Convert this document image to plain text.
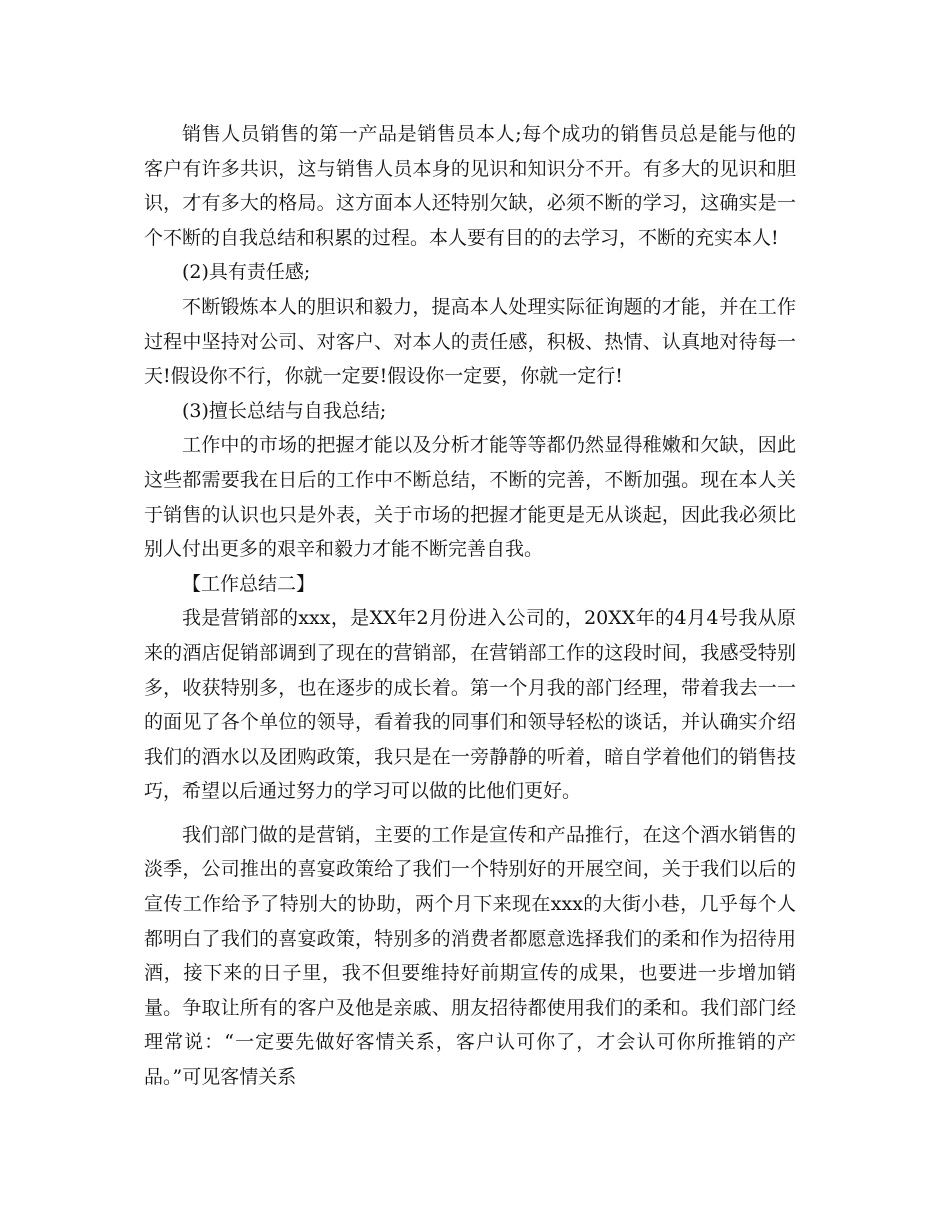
销售人员销售的第一产品是销售员本人;每个成功的销售员总是能与他的客户有许多共识，这与销售人员本身的见识和知识分不开。有多大的见识和胆识，才有多大的格局。这方面本人还特别欠缺，必须不断的学习，这确实是一个不断的自我总结和积累的过程。本人要有目的的去学习，不断的充实本人!

(2)具有责任感;

不断锻炼本人的胆识和毅力，提高本人处理实际征询题的才能，并在工作过程中坚持对公司、对客户、对本人的责任感，积极、热情、认真地对待每一天!假设你不行，你就一定要!假设你一定要，你就一定行!

(3)擅长总结与自我总结;

工作中的市场的把握才能以及分析才能等等都仍然显得稚嫩和欠缺，因此这些都需要我在日后的工作中不断总结，不断的完善，不断加强。现在本人关于销售的认识也只是外表，关于市场的把握才能更是无从谈起，因此我必须比别人付出更多的艰辛和毅力才能不断完善自我。

【工作总结二】

我是营销部的xxx，是XX年2月份进入公司的，20XX年的4月4号我从原来的酒店促销部调到了现在的营销部，在营销部工作的这段时间，我感受特别多，收获特别多，也在逐步的成长着。第一个月我的部门经理，带着我去一一的面见了各个单位的领导，看着我的同事们和领导轻松的谈话，并认确实介绍我们的酒水以及团购政策，我只是在一旁静静的听着，暗自学着他们的销售技巧，希望以后通过努力的学习可以做的比他们更好。

我们部门做的是营销，主要的工作是宣传和产品推行，在这个酒水销售的淡季，公司推出的喜宴政策给了我们一个特别好的开展空间，关于我们以后的宣传工作给予了特别大的协助，两个月下来现在xxx的大街小巷，几乎每个人都明白了我们的喜宴政策，特别多的消费者都愿意选择我们的柔和作为招待用酒，接下来的日子里，我不但要维持好前期宣传的成果，也要进一步增加销量。争取让所有的客户及他是亲戚、朋友招待都使用我们的柔和。我们部门经理常说：“一定要先做好客情关系，客户认可你了，才会认可你所推销的产品。”可见客情关系
